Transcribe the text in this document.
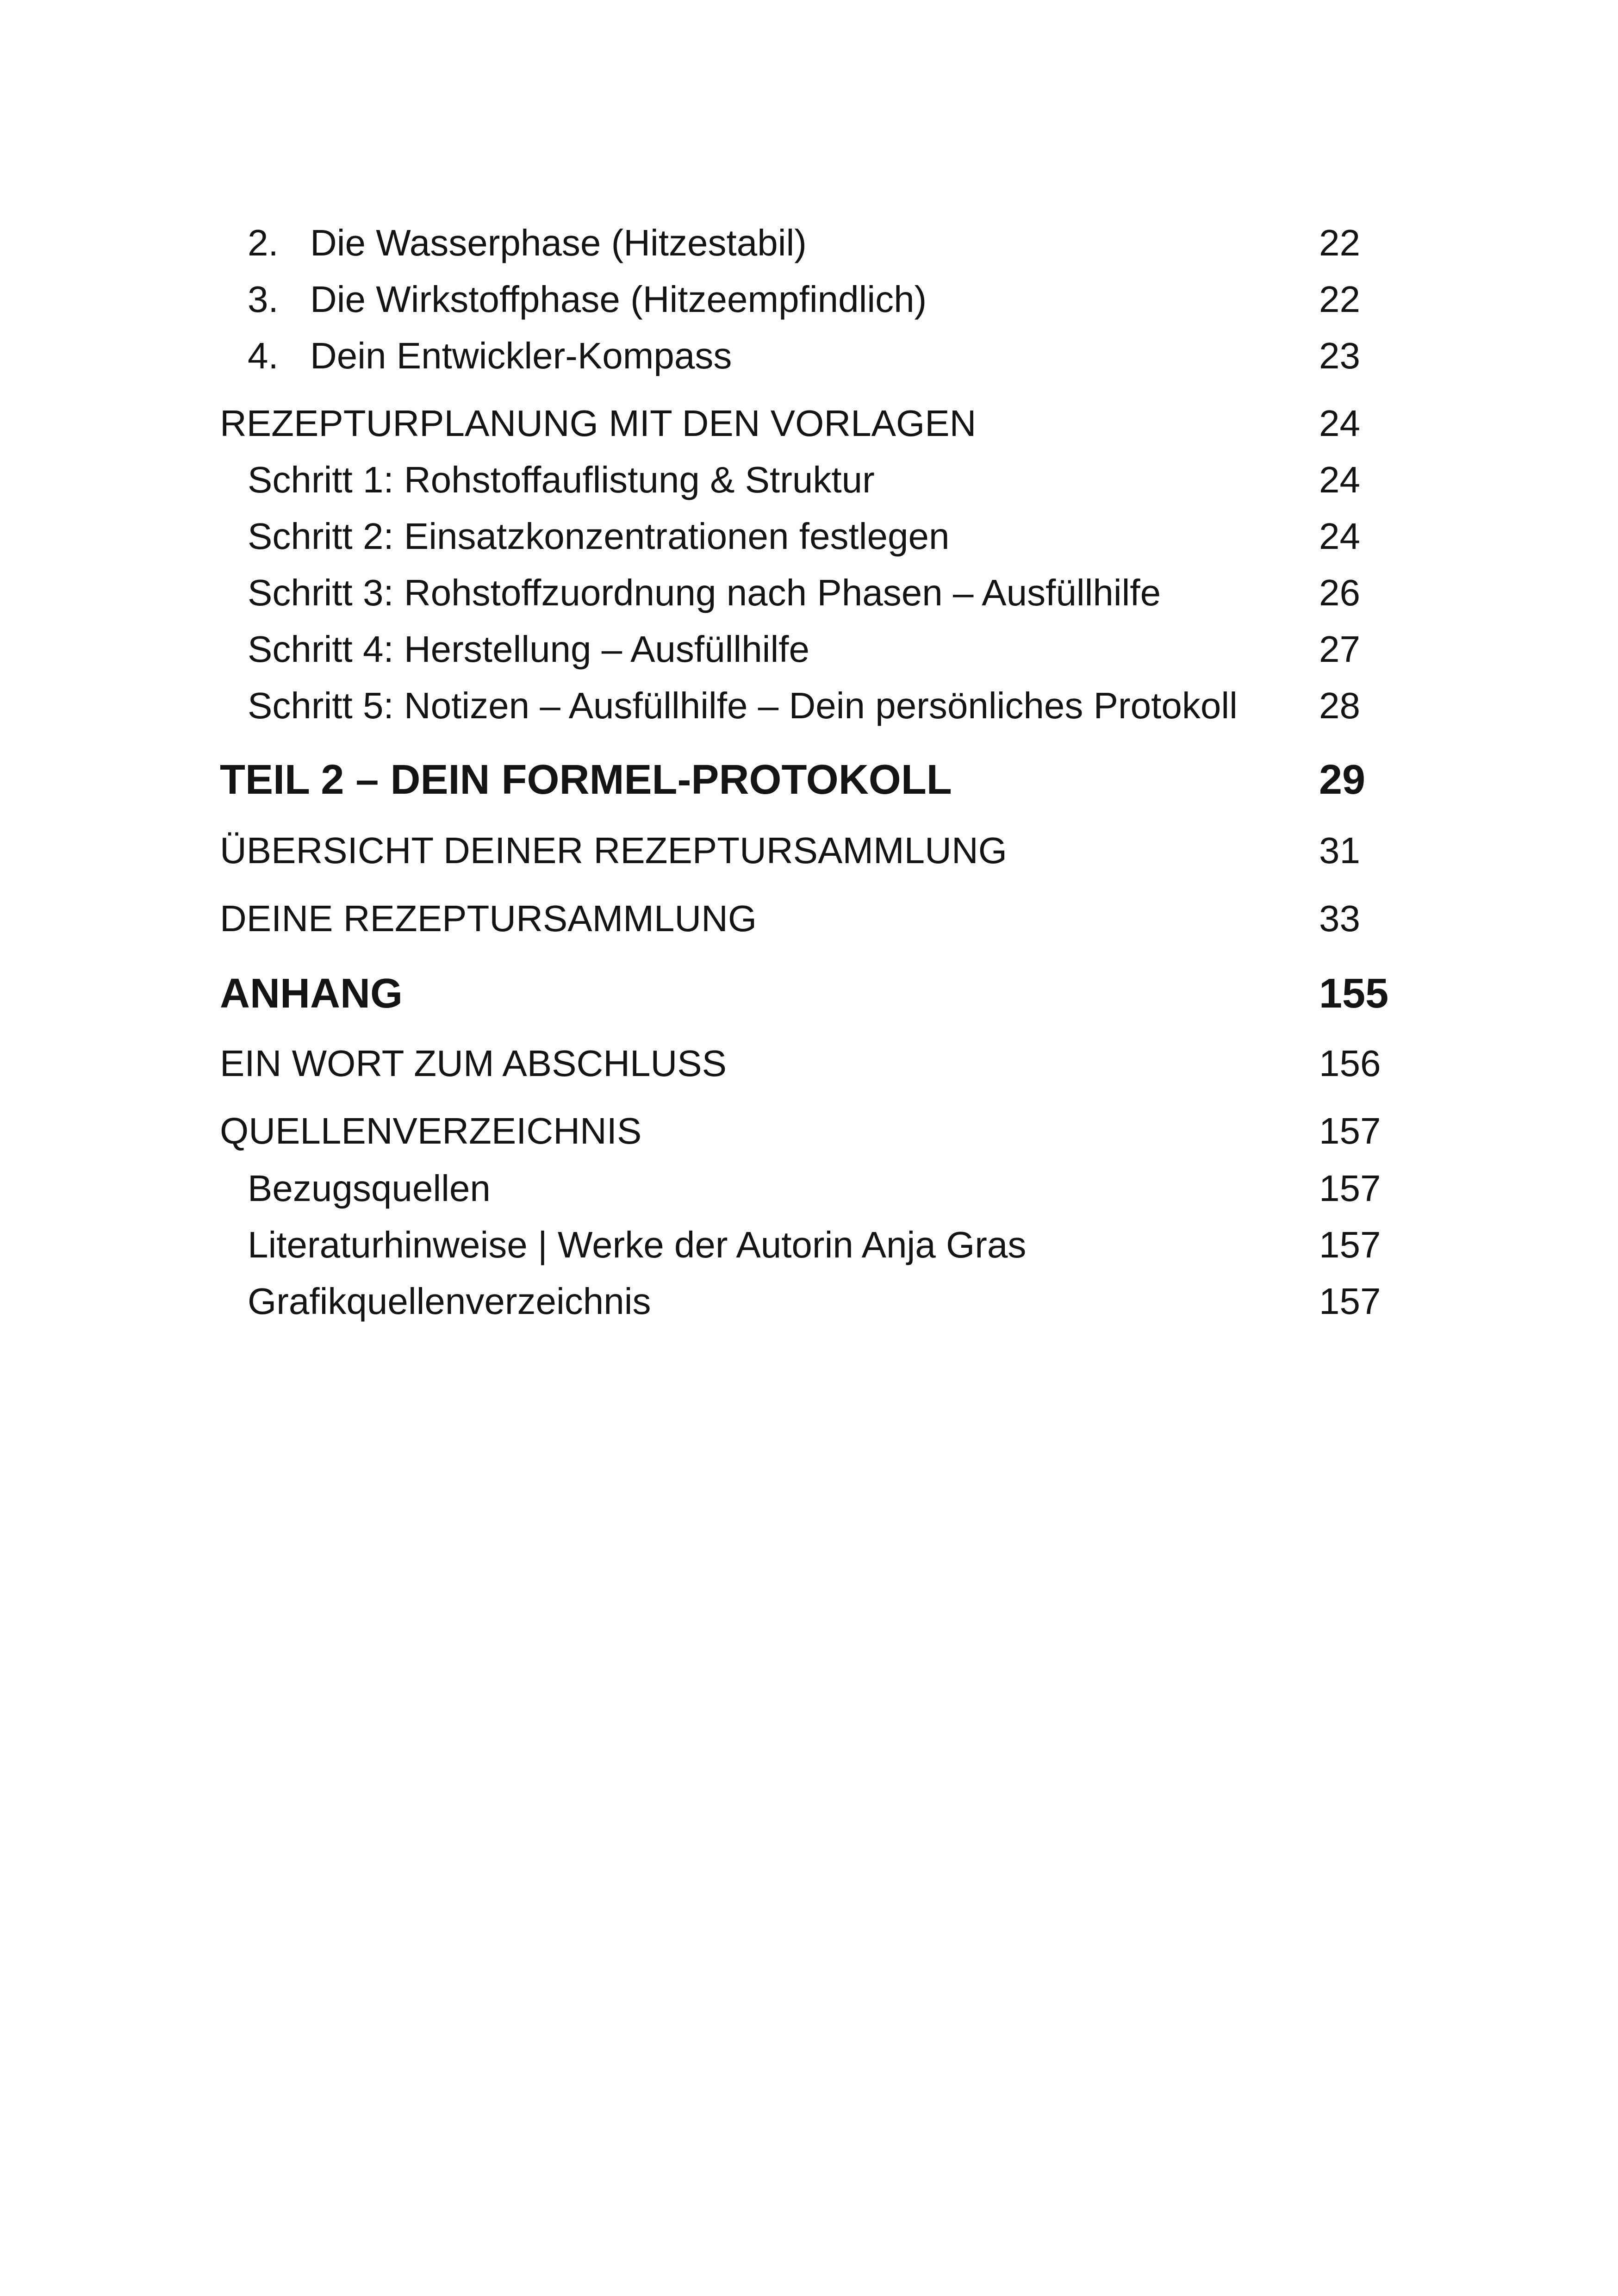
2. Die Wasserphase (Hitzestabil)	22
3. Die Wirkstoffphase (Hitzeempfindlich)	22
4. Dein Entwickler-Kompass	23
REZEPTURPLANUNG MIT DEN VORLAGEN	24
Schritt 1: Rohstoffauflistung & Struktur	24
Schritt 2: Einsatzkonzentrationen festlegen	24
Schritt 3: Rohstoffzuordnung nach Phasen – Ausfüllhilfe	26
Schritt 4: Herstellung – Ausfüllhilfe	27
Schritt 5: Notizen – Ausfüllhilfe – Dein persönliches Protokoll 28
TEIL 2 – DEIN FORMEL-PROTOKOLL	29
ÜBERSICHT DEINER REZEPTURSAMMLUNG	31
DEINE REZEPTURSAMMLUNG	33
ANHANG	155
EIN WORT ZUM ABSCHLUSS	156
QUELLENVERZEICHNIS	157
Bezugsquellen	157
Literaturhinweise | Werke der Autorin Anja Gras	157
Grafikquellenverzeichnis	157
